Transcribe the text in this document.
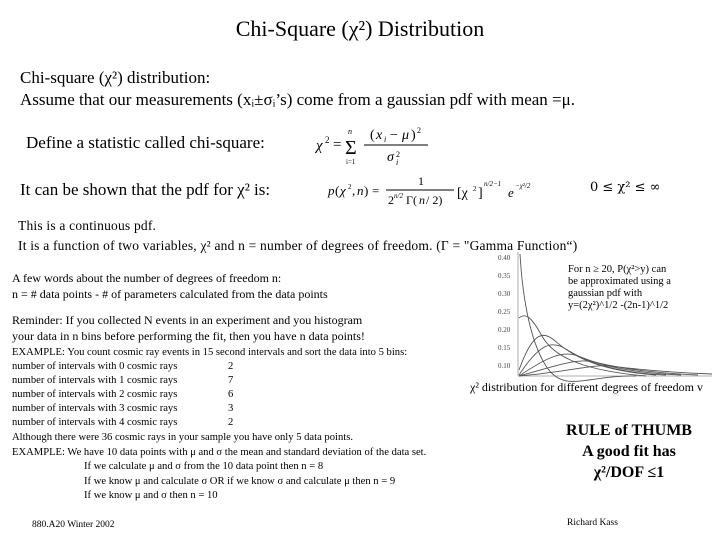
Chi-Square (χ²) Distribution
Chi-square (χ²) distribution:
Assume that our measurements (xᵢ±σᵢ’s) come from a gaussian pdf with mean =μ.
Define a statistic called chi-square:	χ 2 =
n
Σ
i=1
( x i − μ ) 2
σ 2
i
It can be shown that the pdf for χ² is:	p ( χ 2 , n ) =
1
2 n/2 Γ( n / 2) [χ 2 ]
n/2−1
e −χ²/2	0 ≤ χ² ≤ ∞
This is a continuous pdf.
It is a function of two variables, χ² and n = number of degrees of freedom. (Γ = "Gamma Function“)
A few words about the number of degrees of freedom n:
n = # data points - # of parameters calculated from the data points
Reminder: If you collected N events in an experiment and you histogram
your data in n bins before performing the fit, then you have n data points!
EXAMPLE: You count cosmic ray events in 15 second intervals and sort the data into 5 bins:
number of intervals with 0 cosmic rays	2
number of intervals with 1 cosmic rays	7
number of intervals with 2 cosmic rays	6
number of intervals with 3 cosmic rays	3
number of intervals with 4 cosmic rays	2
Although there were 36 cosmic rays in your sample you have only 5 data points.
EXAMPLE: We have 10 data points with μ and σ the mean and standard deviation of the data set.
If we calculate μ and σ from the 10 data point then n = 8
If we know μ and calculate σ OR if we know σ and calculate μ then n = 9
If we know μ and σ then n = 10
0.40
0.35
0.30
0.25
0.20
0.15
0.10
For n ≥ 20, P(χ²>y) can
be approximated using a
gaussian pdf with
y=(2χ²)^1/2 -(2n-1)^1/2
χ² distribution for different degrees of freedom v
RULE of THUMB
A good fit has
χ²/DOF ≤1
880.A20 Winter 2002	Richard Kass
